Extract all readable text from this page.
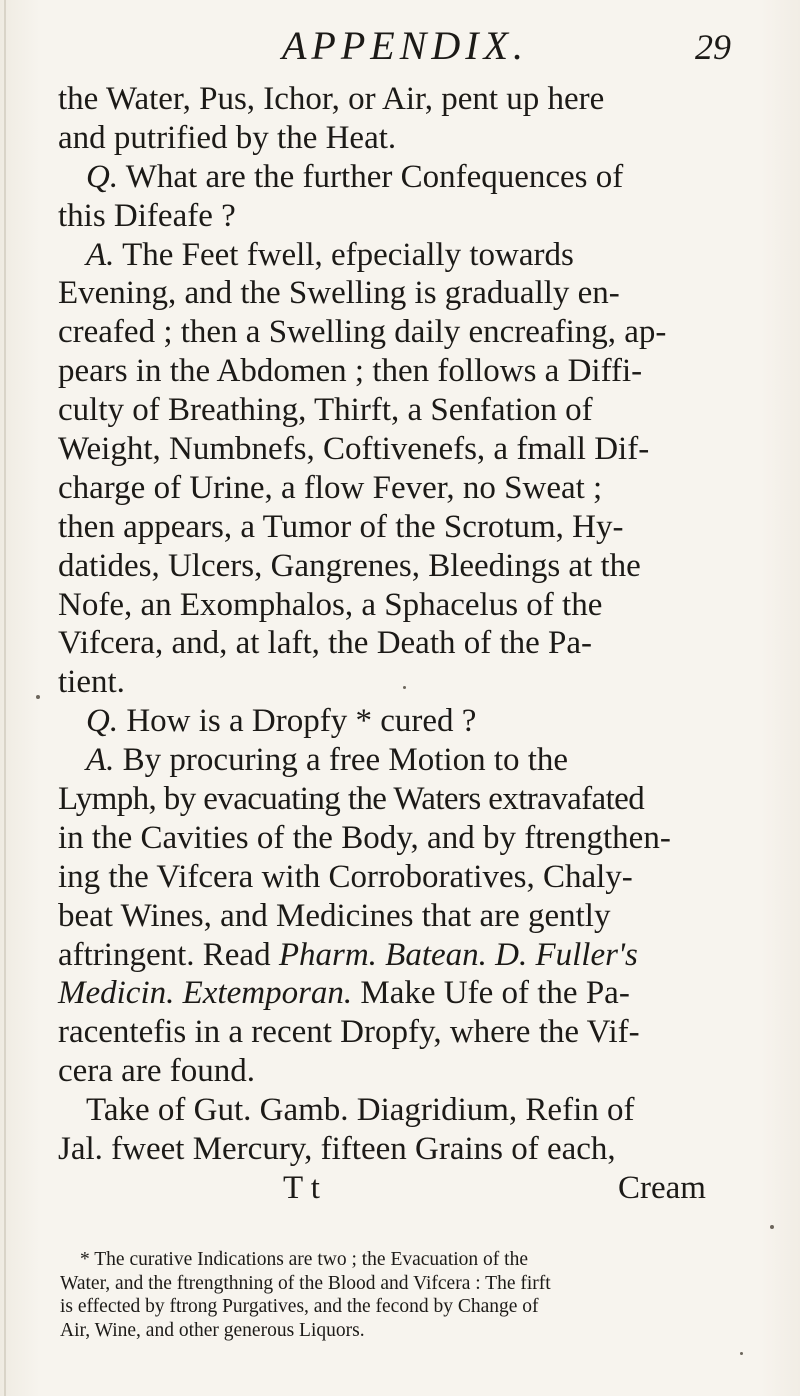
APPENDIX.	29
the Water, Pus, Ichor, or Air, pent up here
and putrified by the Heat.
Q. What are the further Confequences of
this Difeafe ?
A. The Feet fwell, efpecially towards
Evening, and the Swelling is gradually en-
creafed ; then a Swelling daily encreafing, ap-
pears in the Abdomen ; then follows a Diffi-
culty of Breathing, Thirft, a Senfation of
Weight, Numbnefs, Coftivenefs, a fmall Dif-
charge of Urine, a flow Fever, no Sweat ;
then appears, a Tumor of the Scrotum, Hy-
datides, Ulcers, Gangrenes, Bleedings at the
Nofe, an Exomphalos, a Sphacelus of the
Vifcera, and, at laft, the Death of the Pa-
tient.
Q. How is a Dropfy * cured ?
A. By procuring a free Motion to the
Lymph, by evacuating the Waters extravafated
in the Cavities of the Body, and by ftrengthen-
ing the Vifcera with Corroboratives, Chaly-
beat Wines, and Medicines that are gently
aftringent. Read Pharm. Batean. D. Fuller's
Medicin. Extemporan. Make Ufe of the Pa-
racentefis in a recent Dropfy, where the Vif-
cera are found.
Take of Gut. Gamb. Diagridium, Refin of
Jal. fweet Mercury, fifteen Grains of each,
T t	Cream
* The curative Indications are two ; the Evacuation of the
Water, and the ftrengthning of the Blood and Vifcera : The firft
is effected by ftrong Purgatives, and the fecond by Change of
Air, Wine, and other generous Liquors.
